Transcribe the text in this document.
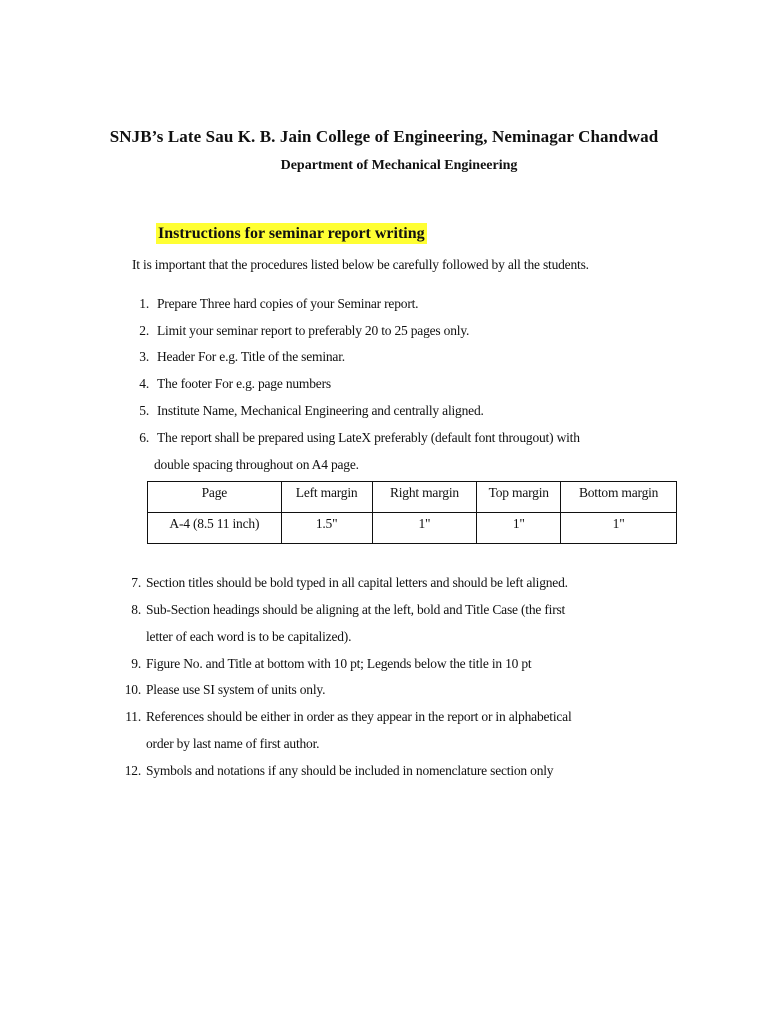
SNJB’s Late Sau K. B. Jain College of Engineering, Neminagar Chandwad
Department of Mechanical Engineering
Instructions for seminar report writing
It is important that the procedures listed below be carefully followed by all the students.
1. Prepare Three hard copies of your Seminar report.
2. Limit your seminar report to preferably 20 to 25 pages only.
3. Header For e.g. Title of the seminar.
4. The footer For e.g. page numbers
5. Institute Name, Mechanical Engineering and centrally aligned.
6. The report shall be prepared using LateX preferably (default font througout) with
double spacing throughout on A4 page.
Page	Left margin	Right margin	Top margin	Bottom margin
A-4 (8.5 11 inch)	1.5"	1"	1"	1"
7. Section titles should be bold typed in all capital letters and should be left aligned.
8. Sub-Section headings should be aligning at the left, bold and Title Case (the first
letter of each word is to be capitalized).
9. Figure No. and Title at bottom with 10 pt; Legends below the title in 10 pt
10. Please use SI system of units only.
11. References should be either in order as they appear in the report or in alphabetical
order by last name of first author.
12. Symbols and notations if any should be included in nomenclature section only
